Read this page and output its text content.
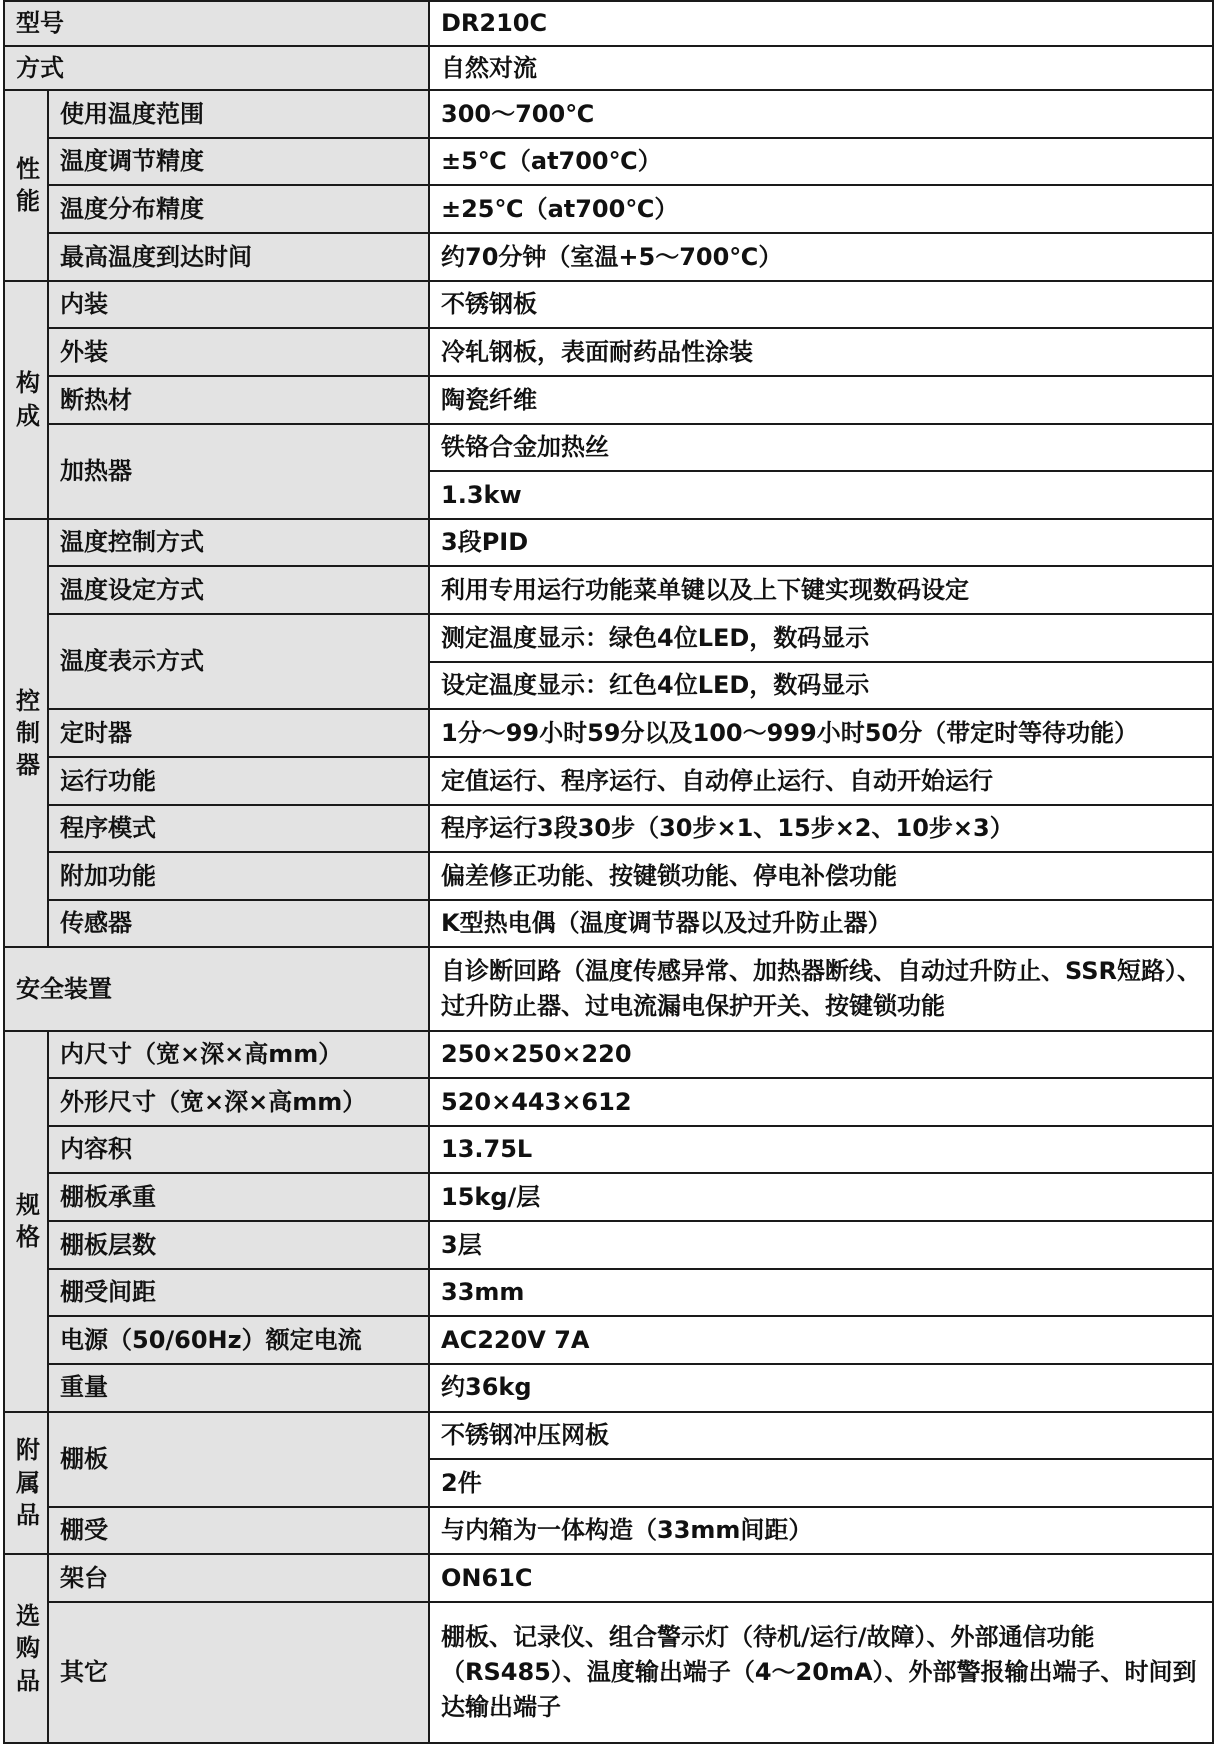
型号		DR210C
方式		自然对流

性能	使用温度范围	300～700℃
	温度调节精度	±5℃（at700℃）
	温度分布精度	±25℃（at700℃）
	最高温度到达时间	约70分钟（室温+5～700℃）

构成	内装	不锈钢板
	外装	冷轧钢板，表面耐药品性涂装
	断热材	陶瓷纤维
	加热器	铁铬合金加热丝
		1.3kw

控制器	温度控制方式	3段PID
	温度设定方式	利用专用运行功能菜单键以及上下键实现数码设定
	温度表示方式	测定温度显示：绿色4位LED，数码显示
		设定温度显示：红色4位LED，数码显示
	定时器	1分～99小时59分以及100～999小时50分（带定时等待功能）
	运行功能	定值运行、程序运行、自动停止运行、自动开始运行
	程序模式	程序运行3段30步（30步×1、15步×2、10步×3）
	附加功能	偏差修正功能、按键锁功能、停电补偿功能
	传感器	K型热电偶（温度调节器以及过升防止器）
安全装置		自诊断回路（温度传感异常、加热器断线、自动过升防止、SSR短路）、过升防止器、过电流漏电保护开关、按键锁功能

规格	内尺寸（宽×深×高mm）	250×250×220
	外形尺寸（宽×深×高mm）	520×443×612
	内容积	13.75L
	棚板承重	15kg/层
	棚板层数	3层
	棚受间距	33mm
	电源（50/60Hz）额定电流	AC220V 7A
	重量	约36kg

附属品	棚板	不锈钢冲压网板
		2件
	棚受	与内箱为一体构造（33mm间距）

选购品	架台	ON61C
	其它	棚板、记录仪、组合警示灯（待机/运行/故障）、外部通信功能（RS485）、温度输出端子（4～20mA）、外部警报输出端子、时间到达输出端子
